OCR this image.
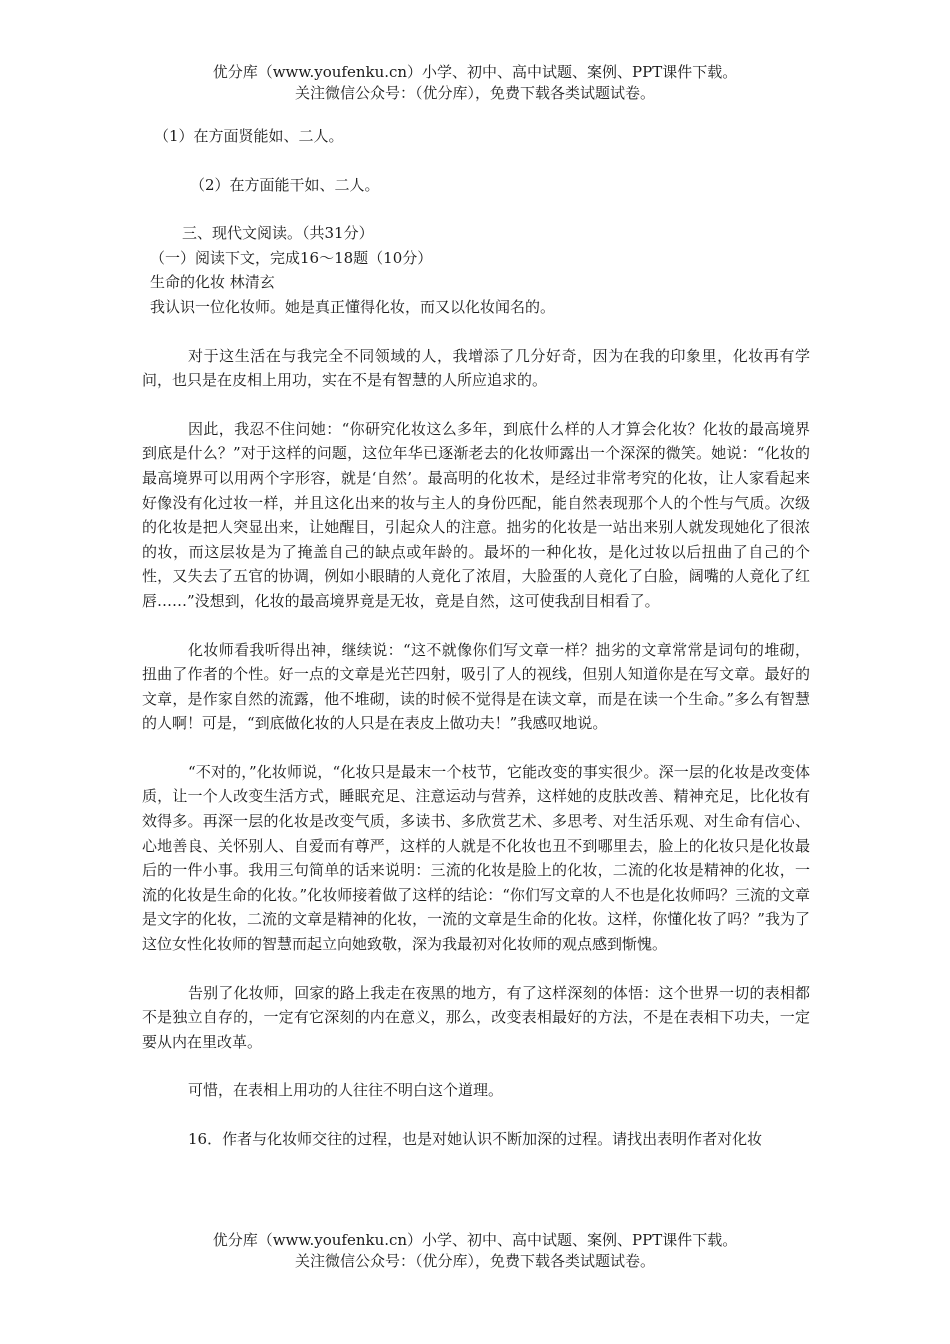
优分库（www.youfenku.cn）小学、初中、高中试题、案例、PPT课件下载。
关注微信公众号：（优分库），免费下载各类试题试卷。

（1）在方面贤能如、二人。

（2）在方面能干如、二人。

三、现代文阅读。（共31分）

（一）阅读下文，完成16～18题（10分）

生命的化妆 林清玄

我认识一位化妆师。她是真正懂得化妆，而又以化妆闻名的。

对于这生活在与我完全不同领域的人，我增添了几分好奇，因为在我的印象里，化妆再有学问，也只是在皮相上用功，实在不是有智慧的人所应追求的。

因此，我忍不住问她：“你研究化妆这么多年，到底什么样的人才算会化妆？化妆的最高境界到底是什么？”对于这样的问题，这位年华已逐渐老去的化妆师露出一个深深的微笑。她说：“化妆的最高境界可以用两个字形容，就是‘自然’。最高明的化妆术，是经过非常考究的化妆，让人家看起来好像没有化过妆一样，并且这化出来的妆与主人的身份匹配，能自然表现那个人的个性与气质。次级的化妆是把人突显出来，让她醒目，引起众人的注意。拙劣的化妆是一站出来别人就发现她化了很浓的妆，而这层妆是为了掩盖自己的缺点或年龄的。最坏的一种化妆，是化过妆以后扭曲了自己的个性，又失去了五官的协调，例如小眼睛的人竟化了浓眉，大脸蛋的人竟化了白脸，阔嘴的人竟化了红唇……”没想到，化妆的最高境界竟是无妆，竟是自然，这可使我刮目相看了。

化妆师看我听得出神，继续说：“这不就像你们写文章一样？拙劣的文章常常是词句的堆砌，扭曲了作者的个性。好一点的文章是光芒四射，吸引了人的视线，但别人知道你是在写文章。最好的文章，是作家自然的流露，他不堆砌，读的时候不觉得是在读文章，而是在读一个生命。”多么有智慧的人啊！可是，“到底做化妆的人只是在表皮上做功夫！”我感叹地说。

“不对的，”化妆师说，“化妆只是最末一个枝节，它能改变的事实很少。深一层的化妆是改变体质，让一个人改变生活方式，睡眠充足、注意运动与营养，这样她的皮肤改善、精神充足，比化妆有效得多。再深一层的化妆是改变气质，多读书、多欣赏艺术、多思考、对生活乐观、对生命有信心、心地善良、关怀别人、自爱而有尊严，这样的人就是不化妆也丑不到哪里去，脸上的化妆只是化妆最后的一件小事。我用三句简单的话来说明：三流的化妆是脸上的化妆，二流的化妆是精神的化妆，一流的化妆是生命的化妆。”化妆师接着做了这样的结论：“你们写文章的人不也是化妆师吗？三流的文章是文字的化妆，二流的文章是精神的化妆，一流的文章是生命的化妆。这样，你懂化妆了吗？”我为了这位女性化妆师的智慧而起立向她致敬，深为我最初对化妆师的观点感到惭愧。

告别了化妆师，回家的路上我走在夜黑的地方，有了这样深刻的体悟：这个世界一切的表相都不是独立自存的，一定有它深刻的内在意义，那么，改变表相最好的方法，不是在表相下功夫，一定要从内在里改革。

可惜，在表相上用功的人往往不明白这个道理。

16．作者与化妆师交往的过程，也是对她认识不断加深的过程。请找出表明作者对化妆

优分库（www.youfenku.cn）小学、初中、高中试题、案例、PPT课件下载。
关注微信公众号：（优分库），免费下载各类试题试卷。
